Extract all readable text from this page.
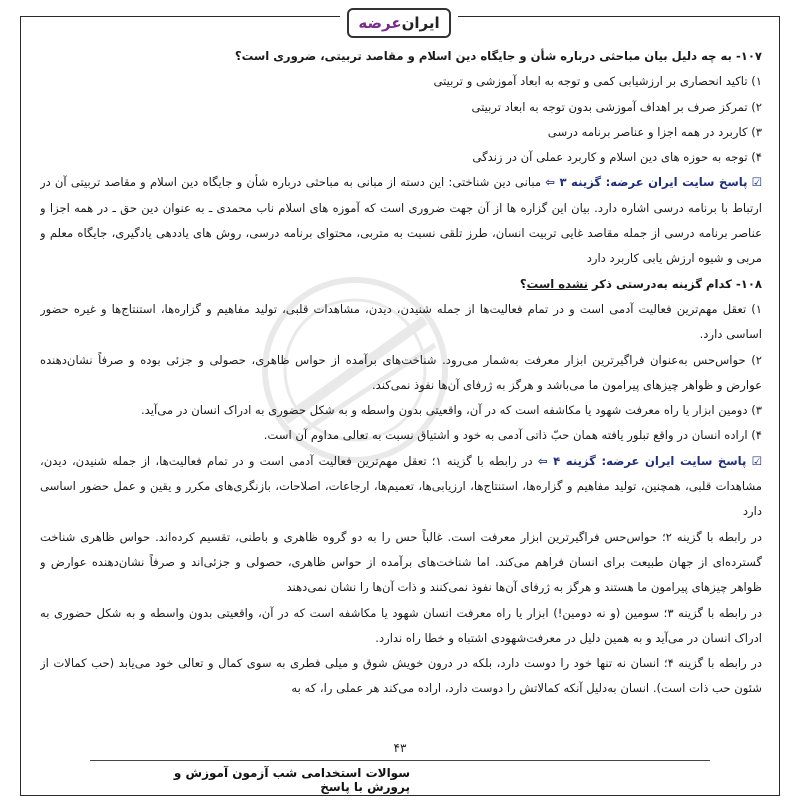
ایران
عرضه

۱۰۷- به چه دلیل بیان مباحثی درباره شأن و جایگاه دین اسلام و مقاصد تربیتی، ضروری است؟

۱) تاکید انحصاری بر ارزشیابی کمی و توجه به ابعاد آموزشی و تربیتی

۲) تمرکز صرف بر اهداف آموزشی بدون توجه به ابعاد تربیتی

۳) کاربرد در همه اجزا و عناصر برنامه درسی

۴) توجه به حوزه های دین اسلام و کاربرد عملی آن در زندگی

☑ پاسخ سایت ایران عرضه: گزینه ۳ ⇦ مبانی دین شناختی: این دسته از مبانی به مباحثی درباره شأن و جایگاه دین اسلام و مقاصد تربیتی آن در ارتباط با برنامه درسی اشاره دارد. بیان این گزاره ها از آن جهت ضروری است که آموزه های اسلام ناب محمدی ـ به عنوان دین حق ـ در همه اجزا و عناصر برنامه درسی از جمله مقاصد غایی تربیت انسان، طرز تلقی نسبت به متربی، محتوای برنامه درسی، روش های یاددهی یادگیری، جایگاه معلم و مربی و شیوه ارزش یابی کاربرد دارد

۱۰۸- کدام گزینه به‌درستی ذکر نشده است؟

۱) تعقل مهم‌ترین فعالیت آدمی است و در تمام فعالیت‌ها از جمله شنیدن، دیدن، مشاهدات قلبی، تولید مفاهیم و گزاره‌ها، استنتاج‌ها و غیره حضور اساسی دارد.

۲) حواس‌حس به‌عنوان فراگیرترین ابزار معرفت به‌شمار می‌رود. شناخت‌های برآمده از حواس ظاهری، حصولی و جزئی بوده و صرفاً نشان‌دهنده عوارض و ظواهر چیزهای پیرامون ما می‌باشد و هرگز به ژرفای آن‌ها نفوذ نمی‌کند.

۳) دومین ابزار یا راه معرفت شهود یا مکاشفه است که در آن، واقعیتی بدون واسطه و به شکل حضوری به ادراک انسان در می‌آید.

۴) اراده انسان در واقع تبلور یافته همان حبّ ذاتی آدمی به خود و اشتیاق نسبت به تعالی مداوم آن است.

☑ پاسخ سایت ایران عرضه: گزینه ۴ ⇦ در رابطه با گزینه ۱؛ تعقل مهم‌ترین فعالیت آدمی است و در تمام فعالیت‌ها، از جمله شنیدن، دیدن، مشاهدات قلبی، همچنین، تولید مفاهیم و گزاره‌ها، استنتاج‌ها، ارزیابی‌ها، تعمیم‌ها، ارجاعات، اصلاحات، بازنگری‌های مکرر و یقین و عمل حضور اساسی دارد

در رابطه با گزینه ۲؛ حواس‌حس فراگیرترین ابزار معرفت است. غالباً حس را به دو گروه ظاهری و باطنی، تقسیم کرده‌اند. حواس ظاهری شناخت گسترده‌ای از جهان طبیعت برای انسان فراهم می‌کند. اما شناخت‌های برآمده از حواس ظاهری، حصولی و جزئی‌اند و صرفاً نشان‌دهنده عوارض و ظواهر چیزهای پیرامون ما هستند و هرگز به ژرفای آن‌ها نفوذ نمی‌کنند و ذات آن‌ها را نشان نمی‌دهند

در رابطه با گزینه ۳؛ سومین (و نه دومین!) ابزار یا راه معرفت انسان شهود یا مکاشفه است که در آن، واقعیتی بدون واسطه و به شکل حضوری به ادراک انسان در می‌آید و به همین دلیل در معرفت‌شهودی اشتباه و خطا راه ندارد.

در رابطه با گزینه ۴؛ انسان نه تنها خود را دوست دارد، بلکه در درون خویش شوق و میلی فطری به سوی کمال و تعالی خود می‌یابد (حب کمالات از شئون حب ذات است). انسان به‌دلیل آنکه کمالاتش را دوست دارد، اراده می‌کند هر عملی را، که به

۴۳
سوالات استخدامی شب آزمون آموزش و پرورش با پاسخ
